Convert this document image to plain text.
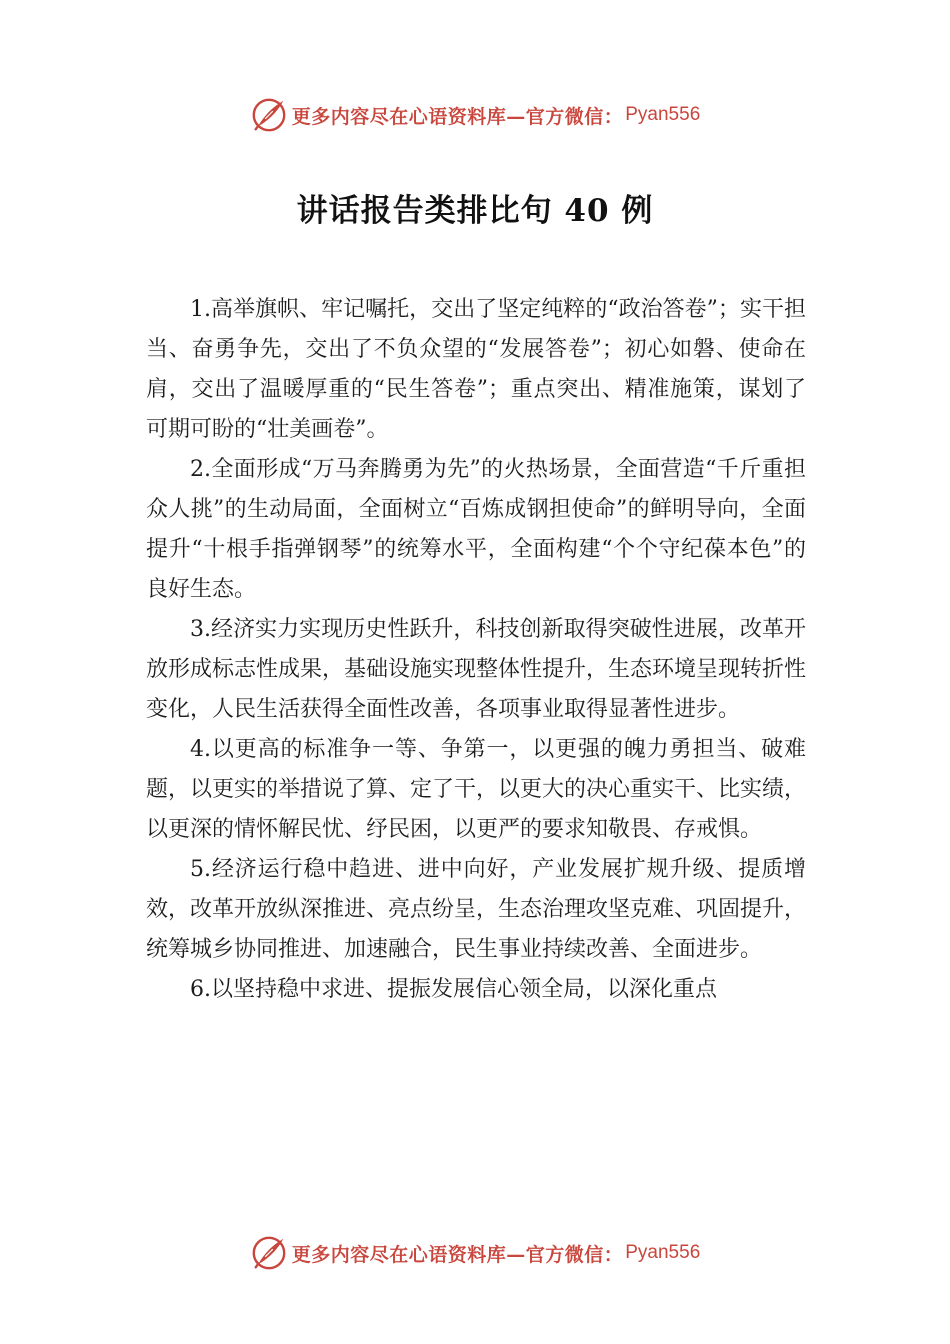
更多内容尽在心语资料库—官方微信： Pyan556
讲话报告类排比句 40 例

1.高举旗帜、牢记嘱托，交出了坚定纯粹的“政治答卷”；实干担当、奋勇争先，交出了不负众望的“发展答卷”；初心如磐、使命在肩，交出了温暖厚重的“民生答卷”；重点突出、精准施策，谋划了可期可盼的“壮美画卷”。

2.全面形成“万马奔腾勇为先”的火热场景，全面营造“千斤重担众人挑”的生动局面，全面树立“百炼成钢担使命”的鲜明导向，全面提升“十根手指弹钢琴”的统筹水平，全面构建“个个守纪葆本色”的良好生态。

3.经济实力实现历史性跃升，科技创新取得突破性进展，改革开放形成标志性成果，基础设施实现整体性提升，生态环境呈现转折性变化，人民生活获得全面性改善，各项事业取得显著性进步。

4.以更高的标准争一等、争第一，以更强的魄力勇担当、破难题，以更实的举措说了算、定了干，以更大的决心重实干、比实绩，以更深的情怀解民忧、纾民困，以更严的要求知敬畏、存戒惧。

5.经济运行稳中趋进、进中向好，产业发展扩规升级、提质增效，改革开放纵深推进、亮点纷呈，生态治理攻坚克难、巩固提升，统筹城乡协同推进、加速融合，民生事业持续改善、全面进步。

6.以坚持稳中求进、提振发展信心领全局，以深化重点

更多内容尽在心语资料库—官方微信： Pyan556
